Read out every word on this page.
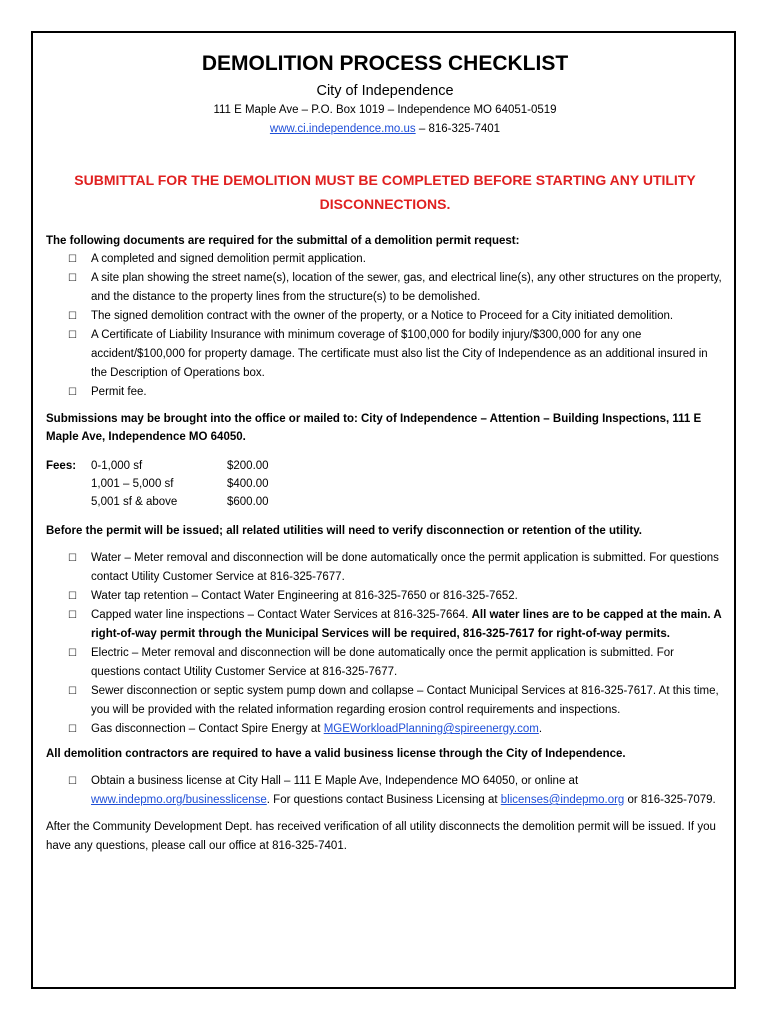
DEMOLITION PROCESS CHECKLIST
City of Independence
111 E Maple Ave – P.O. Box 1019 – Independence MO 64051-0519
www.ci.independence.mo.us – 816-325-7401
SUBMITTAL FOR THE DEMOLITION MUST BE COMPLETED BEFORE STARTING ANY UTILITY DISCONNECTIONS.

The following documents are required for the submittal of a demolition permit request:

☐ A completed and signed demolition permit application.
☐ A site plan showing the street name(s), location of the sewer, gas, and electrical line(s), any other structures on the property, and the distance to the property lines from the structure(s) to be demolished.
☐ The signed demolition contract with the owner of the property, or a Notice to Proceed for a City initiated demolition.
☐ A Certificate of Liability Insurance with minimum coverage of $100,000 for bodily injury/$300,000 for any one accident/$100,000 for property damage. The certificate must also list the City of Independence as an additional insured in the Description of Operations box.
☐ Permit fee.

Submissions may be brought into the office or mailed to: City of Independence – Attention – Building Inspections, 111 E Maple Ave, Independence MO 64050.

Fees:	0-1,000 sf
1,001 – 5,000 sf
5,001 sf & above
$200.00
$400.00
$600.00

Before the permit will be issued; all related utilities will need to verify disconnection or retention of the utility.

☐ Water – Meter removal and disconnection will be done automatically once the permit application is submitted. For questions contact Utility Customer Service at 816-325-7677.
☐ Water tap retention – Contact Water Engineering at 816-325-7650 or 816-325-7652.
☐ Capped water line inspections – Contact Water Services at 816-325-7664. All water lines are to be capped at the main. A right-of-way permit through the Municipal Services will be required, 816-325-7617 for right-of-way permits.
☐ Electric – Meter removal and disconnection will be done automatically once the permit application is submitted. For questions contact Utility Customer Service at 816-325-7677.
☐ Sewer disconnection or septic system pump down and collapse – Contact Municipal Services at 816-325-7617. At this time, you will be provided with the related information regarding erosion control requirements and inspections.
☐ Gas disconnection – Contact Spire Energy at MGEWorkloadPlanning@spireenergy.com.

All demolition contractors are required to have a valid business license through the City of Independence.

☐ Obtain a business license at City Hall – 111 E Maple Ave, Independence MO 64050, or online at www.indepmo.org/businesslicense. For questions contact Business Licensing at blicenses@indepmo.org or 816-325-7079.

After the Community Development Dept. has received verification of all utility disconnects the demolition permit will be issued. If you have any questions, please call our office at 816-325-7401.
